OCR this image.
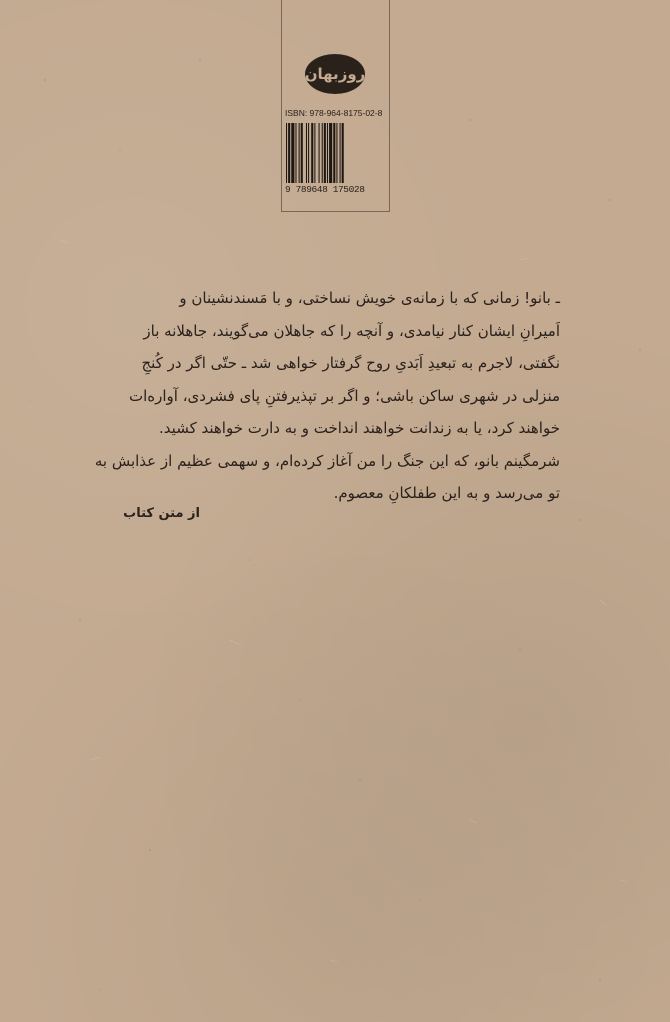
روزبهان
ISBN: 978-964-8175-02-8
9 789648 175028
ـ بانو! زمانی که با زمانه‌ی خویش نساختی، و با مَسندنشینان و
اَمیرانِ ایشان کنار نیامدی، و آنچه را که جاهلان می‌گویند، جاهلانه باز
نگفتی، لاجرم به تبعیدِ اَبَدیِ روح گرفتار خواهی شد ـ حتّی اگر در کُنجِ
منزلی در شهری ساکن باشی؛ و اگر بر تپذیرفتنِ پای فشردی، آواره‌ات
خواهند کرد، یا به زندانت خواهند انداخت و به دارت خواهند کشید.
شرمگینم بانو، که این جنگ را من آغاز کرده‌ام، و سهمی عظیم از عذابش به
تو می‌رسد و به این طفلکانِ معصوم.
از متن کتاب
